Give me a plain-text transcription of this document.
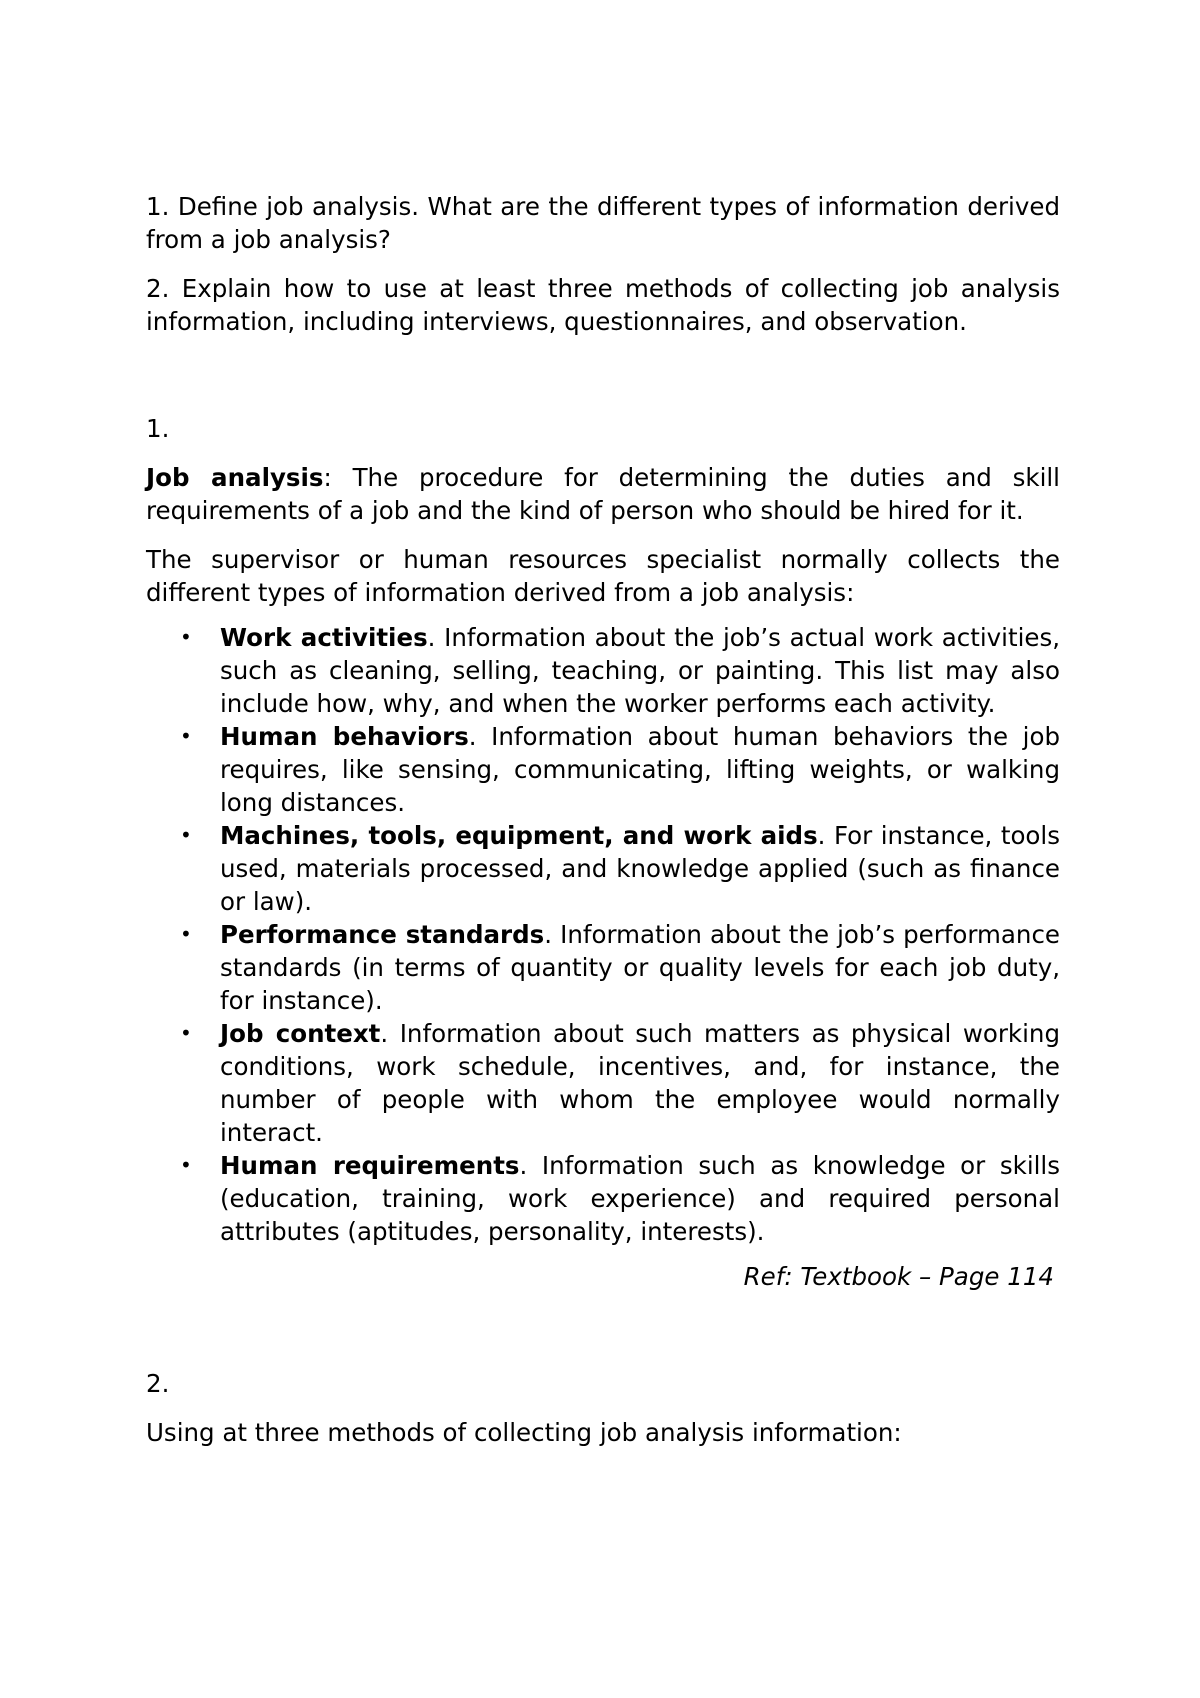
1. Define job analysis. What are the different types of information derived from a job analysis?

2. Explain how to use at least three methods of collecting job analysis information, including interviews, questionnaires, and observation.

1.

Job analysis: The procedure for determining the duties and skill requirements of a job and the kind of person who should be hired for it.

The supervisor or human resources specialist normally collects the different types of information derived from a job analysis:

• Work activities. Information about the job’s actual work activities, such as cleaning, selling, teaching, or painting. This list may also include how, why, and when the worker performs each activity.
• Human behaviors. Information about human behaviors the job requires, like sensing, communicating, lifting weights, or walking long distances.
• Machines, tools, equipment, and work aids. For instance, tools used, materials processed, and knowledge applied (such as finance or law).
• Performance standards. Information about the job’s performance standards (in terms of quantity or quality levels for each job duty, for instance).
• Job context. Information about such matters as physical working conditions, work schedule, incentives, and, for instance, the number of people with whom the employee would normally interact.
• Human requirements. Information such as knowledge or skills (education, training, work experience) and required personal attributes (aptitudes, personality, interests).

Ref: Textbook – Page 114

2.

Using at three methods of collecting job analysis information:
